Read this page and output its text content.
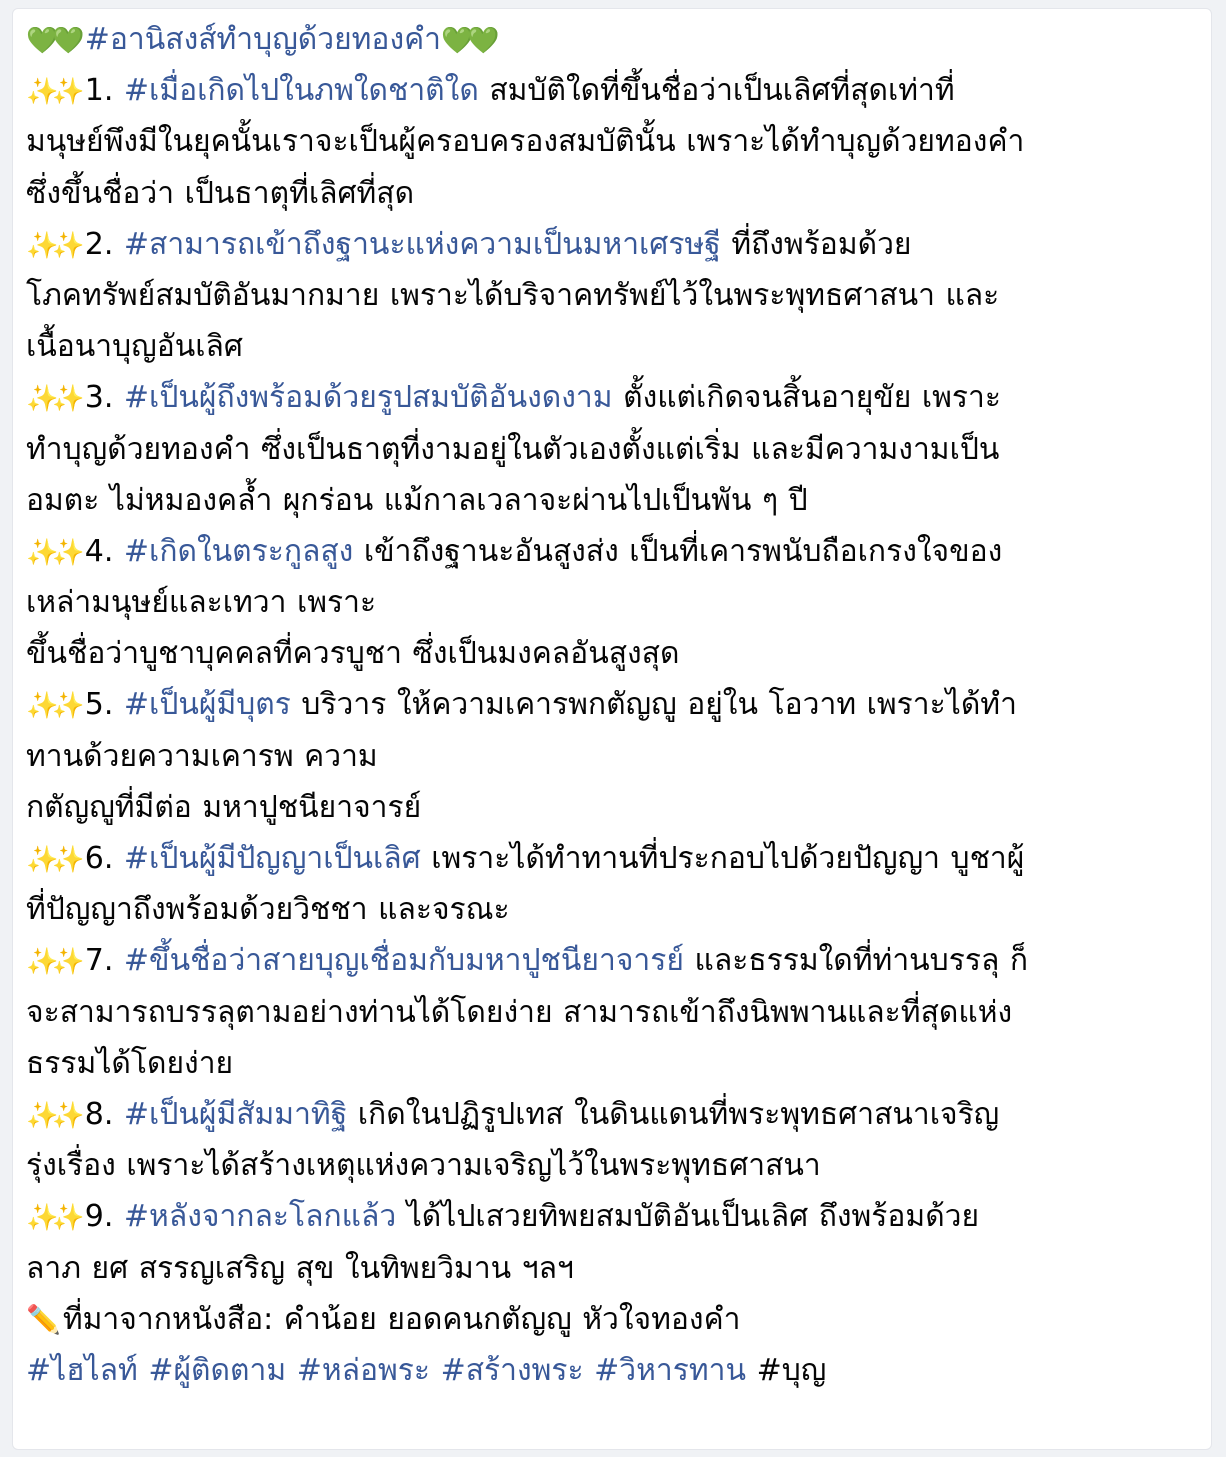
💚💚 #อานิสงส์ทำบุญด้วยทองคำ💚💚
✨✨ 1. #เมื่อเกิดไปในภพใดชาติใด สมบัติใดที่ขึ้นชื่อว่าเป็นเลิศที่สุดเท่าที่
มนุษย์พึงมีในยุคนั้นเราจะเป็นผู้ครอบครองสมบัตินั้น เพราะได้ทำบุญด้วยทองคำ
ซึ่งขึ้นชื่อว่า เป็นธาตุที่เลิศที่สุด
✨✨ 2. #สามารถเข้าถึงฐานะแห่งความเป็นมหาเศรษฐี ที่ถึงพร้อมด้วย
โภคทรัพย์สมบัติอันมากมาย เพราะได้บริจาคทรัพย์ไว้ในพระพุทธศาสนา และ
เนื้อนาบุญอันเลิศ
✨✨ 3. #เป็นผู้ถึงพร้อมด้วยรูปสมบัติอันงดงาม ตั้งแต่เกิดจนสิ้นอายุขัย เพราะ
ทำบุญด้วยทองคำ ซึ่งเป็นธาตุที่งามอยู่ในตัวเองตั้งแต่เริ่ม และมีความงามเป็น
อมตะ ไม่หมองคล้ำ ผุกร่อน แม้กาลเวลาจะผ่านไปเป็นพัน ๆ ปี
✨✨ 4. #เกิดในตระกูลสูง เข้าถึงฐานะอันสูงส่ง เป็นที่เคารพนับถือเกรงใจของ
เหล่ามนุษย์และเทวา เพราะ
ขึ้นชื่อว่าบูชาบุคคลที่ควรบูชา ซึ่งเป็นมงคลอันสูงสุด
✨✨ 5. #เป็นผู้มีบุตร บริวาร ให้ความเคารพกตัญญู อยู่ใน โอวาท เพราะได้ทำ
ทานด้วยความเคารพ ความ
กตัญญูที่มีต่อ มหาปูชนียาจารย์
✨✨ 6. #เป็นผู้มีปัญญาเป็นเลิศ เพราะได้ทำทานที่ประกอบไปด้วยปัญญา บูชาผู้
ที่ปัญญาถึงพร้อมด้วยวิชชา และจรณะ
✨✨ 7. #ขึ้นชื่อว่าสายบุญเชื่อมกับมหาปูชนียาจารย์ และธรรมใดที่ท่านบรรลุ ก็
จะสามารถบรรลุตามอย่างท่านได้โดยง่าย สามารถเข้าถึงนิพพานและที่สุดแห่ง
ธรรมได้โดยง่าย
✨✨ 8. #เป็นผู้มีสัมมาทิฐิ เกิดในปฏิรูปเทส ในดินแดนที่พระพุทธศาสนาเจริญ
รุ่งเรื่อง เพราะได้สร้างเหตุแห่งความเจริญไว้ในพระพุทธศาสนา
✨✨ 9. #หลังจากละโลกแล้ว ได้ไปเสวยทิพยสมบัติอันเป็นเลิศ ถึงพร้อมด้วย
ลาภ ยศ สรรญเสริญ สุข ในทิพยวิมาน ฯลฯ
✏️ที่มาจากหนังสือ: คำน้อย ยอดคนกตัญญู หัวใจทองคำ
#ไฮไลท์ #ผู้ติดตาม #หล่อพระ #สร้างพระ #วิหารทาน #บุญ
